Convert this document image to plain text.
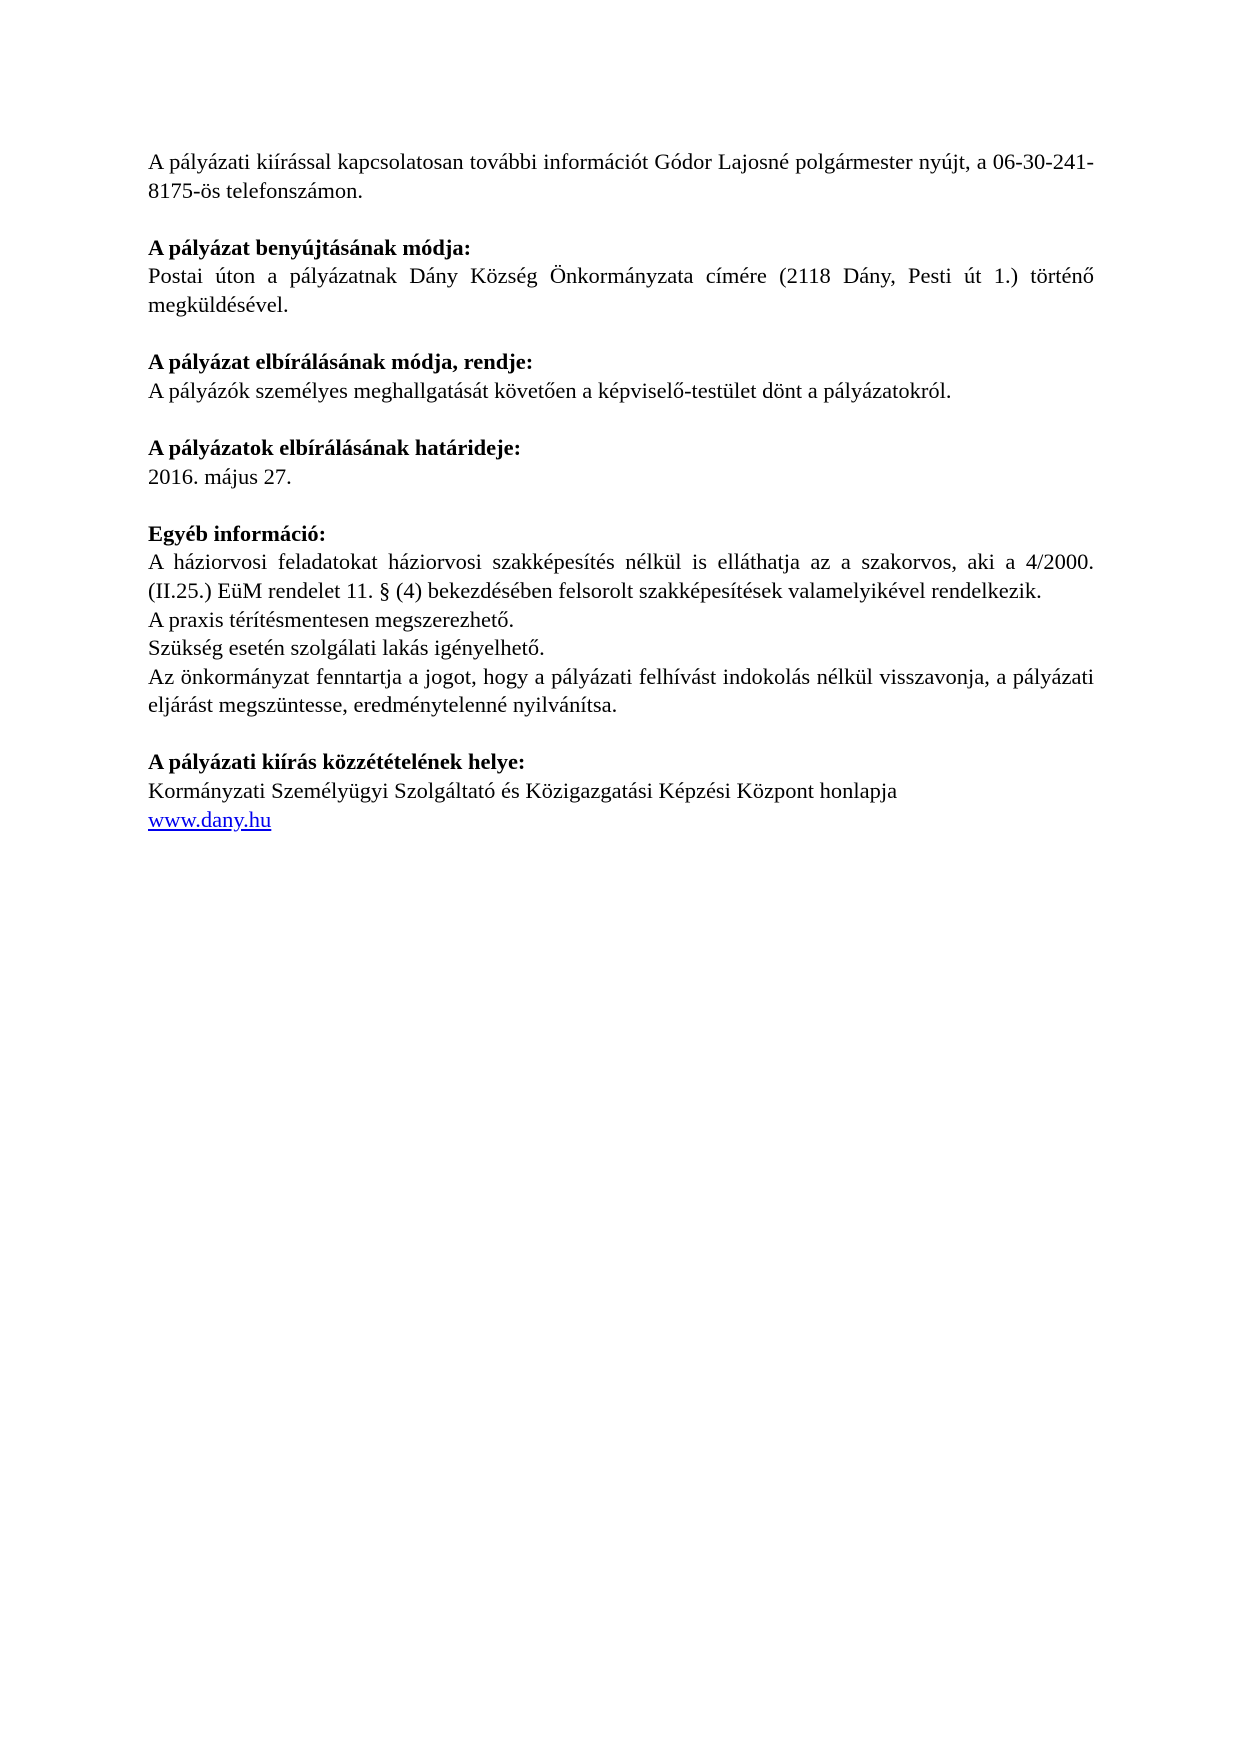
A pályázati kiírással kapcsolatosan további információt Gódor Lajosné polgármester nyújt, a 06-30-241-8175-ös telefonszámon.

A pályázat benyújtásának módja:

Postai úton a pályázatnak Dány Község Önkormányzata címére (2118 Dány, Pesti út 1.) történő megküldésével.

A pályázat elbírálásának módja, rendje:

A pályázók személyes meghallgatását követően a képviselő-testület dönt a pályázatokról.

A pályázatok elbírálásának határideje:

2016. május 27.

Egyéb információ:

A háziorvosi feladatokat háziorvosi szakképesítés nélkül is elláthatja az a szakorvos, aki a 4/2000. (II.25.) EüM rendelet 11. § (4) bekezdésében felsorolt szakképesítések valamelyikével rendelkezik.

A praxis térítésmentesen megszerezhető.

Szükség esetén szolgálati lakás igényelhető.

Az önkormányzat fenntartja a jogot, hogy a pályázati felhívást indokolás nélkül visszavonja, a pályázati eljárást megszüntesse, eredménytelenné nyilvánítsa.

A pályázati kiírás közzétételének helye:

Kormányzati Személyügyi Szolgáltató és Közigazgatási Képzési Központ honlapja

www.dany.hu
